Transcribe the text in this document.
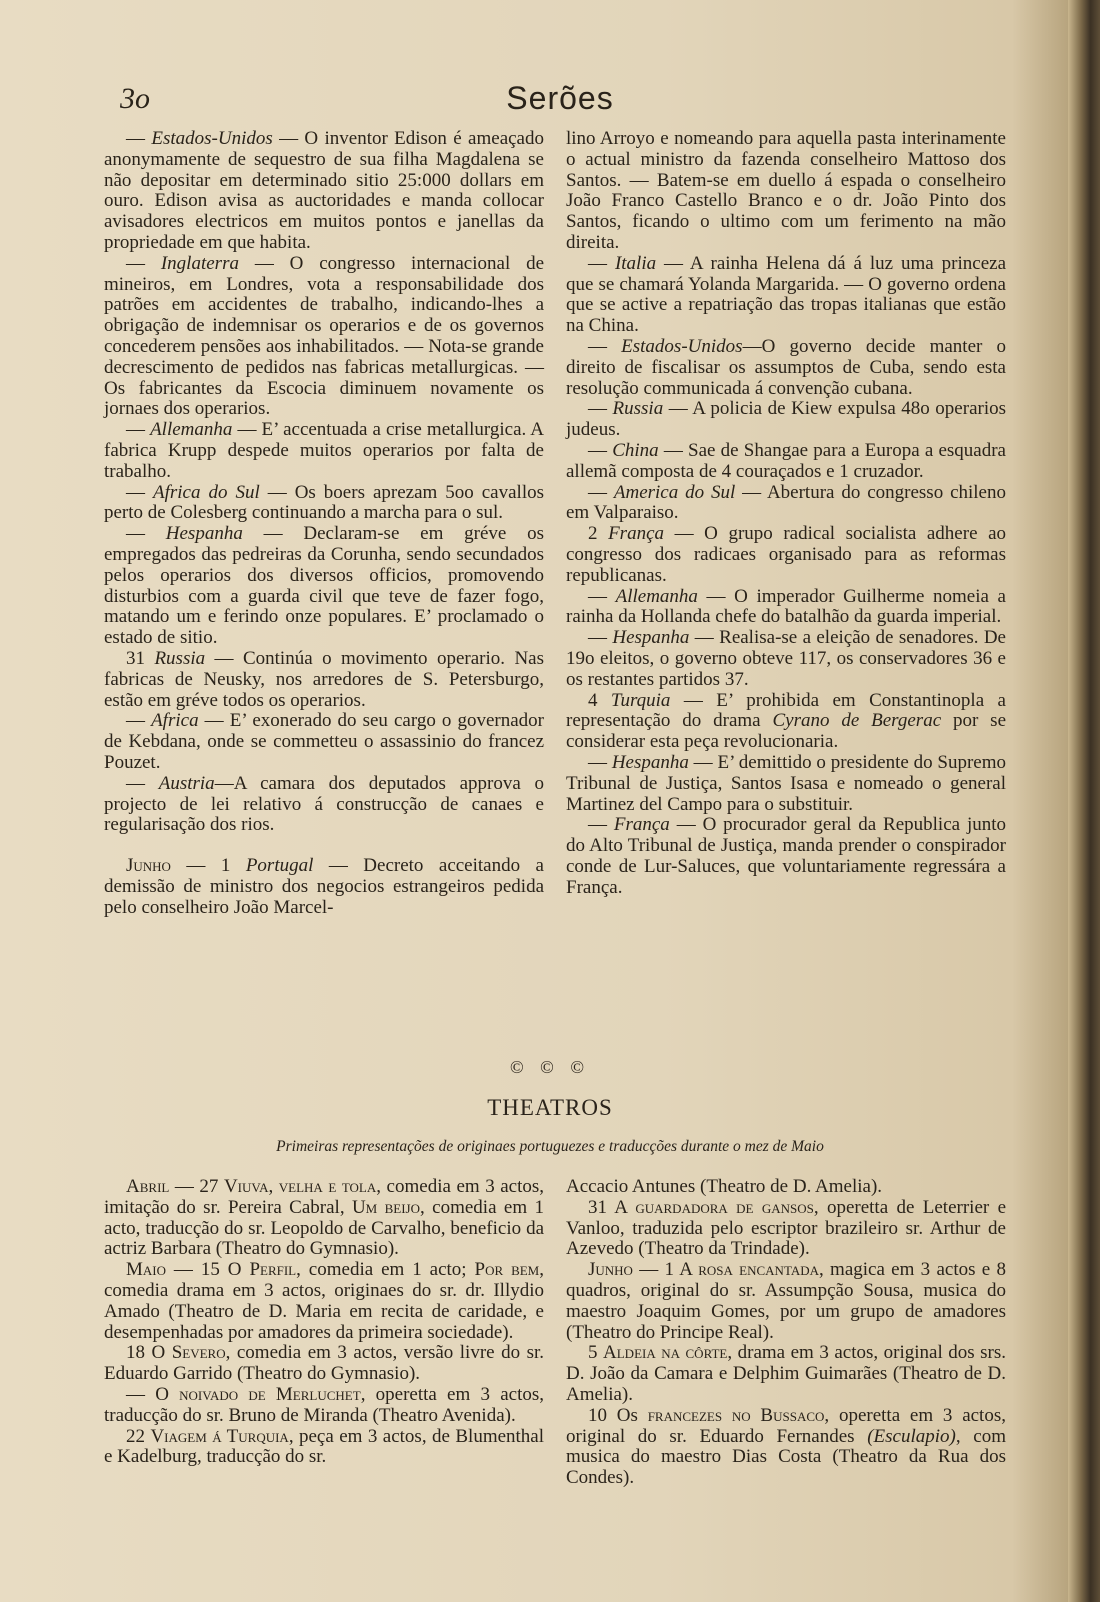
3o	Serões

— Estados-Unidos — O inventor Edison é ameaçado anonymamente de sequestro de sua filha Magdalena se não depositar em determinado sitio 25:000 dollars em ouro. Edison avisa as auctoridades e manda collocar avisadores electricos em muitos pontos e janellas da propriedade em que habita.

— Inglaterra — O congresso internacional de mineiros, em Londres, vota a responsabilidade dos patrões em accidentes de trabalho, indicando-lhes a obrigação de indemnisar os operarios e de os governos concederem pensões aos inhabilitados. — Nota-se grande decrescimento de pedidos nas fabricas metallurgicas. — Os fabricantes da Escocia diminuem novamente os jornaes dos operarios.

— Allemanha — E’ accentuada a crise metallurgica. A fabrica Krupp despede muitos operarios por falta de trabalho.

— Africa do Sul — Os boers aprezam 5oo cavallos perto de Colesberg continuando a marcha para o sul.

— Hespanha — Declaram-se em gréve os empregados das pedreiras da Corunha, sendo secundados pelos operarios dos diversos officios, promovendo disturbios com a guarda civil que teve de fazer fogo, matando um e ferindo onze populares. E’ proclamado o estado de sitio.

31 Russia — Continúa o movimento operario. Nas fabricas de Neusky, nos arredores de S. Petersburgo, estão em gréve todos os operarios.

— Africa — E’ exonerado do seu cargo o governador de Kebdana, onde se commetteu o assassinio do francez Pouzet.

— Austria—A camara dos deputados approva o projecto de lei relativo á construcção de canaes e regularisação dos rios.

Junho — 1 Portugal — Decreto acceitando a demissão de ministro dos negocios estrangeiros pedida pelo conselheiro João Marcel-

lino Arroyo e nomeando para aquella pasta interinamente o actual ministro da fazenda conselheiro Mattoso dos Santos. — Batem-se em duello á espada o conselheiro João Franco Castello Branco e o dr. João Pinto dos Santos, ficando o ultimo com um ferimento na mão direita.

— Italia — A rainha Helena dá á luz uma princeza que se chamará Yolanda Margarida. — O governo ordena que se active a repatriação das tropas italianas que estão na China.

— Estados-Unidos—O governo decide manter o direito de fiscalisar os assumptos de Cuba, sendo esta resolução communicada á convenção cubana.

— Russia — A policia de Kiew expulsa 48o operarios judeus.

— China — Sae de Shangae para a Europa a esquadra allemã composta de 4 couraçados e 1 cruzador.

— America do Sul — Abertura do congresso chileno em Valparaiso.

2 França — O grupo radical socialista adhere ao congresso dos radicaes organisado para as reformas republicanas.

— Allemanha — O imperador Guilherme nomeia a rainha da Hollanda chefe do batalhão da guarda imperial.

— Hespanha — Realisa-se a eleição de senadores. De 19o eleitos, o governo obteve 117, os conservadores 36 e os restantes partidos 37.

4 Turquia — E’ prohibida em Constantinopla a representação do drama Cyrano de Bergerac por se considerar esta peça revolucionaria.

— Hespanha — E’ demittido o presidente do Supremo Tribunal de Justiça, Santos Isasa e nomeado o general Martinez del Campo para o substituir.

— França — O procurador geral da Republica junto do Alto Tribunal de Justiça, manda prender o conspirador conde de Lur-Saluces, que voluntariamente regressára a França.

© © ©
THEATROS
Primeiras representações de originaes portuguezes e traducções durante o mez de Maio

Abril — 27 Viuva, velha e tola, comedia em 3 actos, imitação do sr. Pereira Cabral, Um beijo, comedia em 1 acto, traducção do sr. Leopoldo de Carvalho, beneficio da actriz Barbara (Theatro do Gymnasio).

Maio — 15 O Perfil, comedia em 1 acto; Por bem, comedia drama em 3 actos, originaes do sr. dr. Illydio Amado (Theatro de D. Maria em recita de caridade, e desempenhadas por amadores da primeira sociedade).

18 O Severo, comedia em 3 actos, versão livre do sr. Eduardo Garrido (Theatro do Gymnasio).

— O noivado de Merluchet, operetta em 3 actos, traducção do sr. Bruno de Miranda (Theatro Avenida).

22 Viagem á Turquia, peça em 3 actos, de Blumenthal e Kadelburg, traducção do sr.

Accacio Antunes (Theatro de D. Amelia).

31 A guardadora de gansos, operetta de Leterrier e Vanloo, traduzida pelo escriptor brazileiro sr. Arthur de Azevedo (Theatro da Trindade).

Junho — 1 A rosa encantada, magica em 3 actos e 8 quadros, original do sr. Assumpção Sousa, musica do maestro Joaquim Gomes, por um grupo de amadores (Theatro do Principe Real).

5 Aldeia na côrte, drama em 3 actos, original dos srs. D. João da Camara e Delphim Guimarães (Theatro de D. Amelia).

10 Os francezes no Bussaco, operetta em 3 actos, original do sr. Eduardo Fernandes (Esculapio), com musica do maestro Dias Costa (Theatro da Rua dos Condes).
